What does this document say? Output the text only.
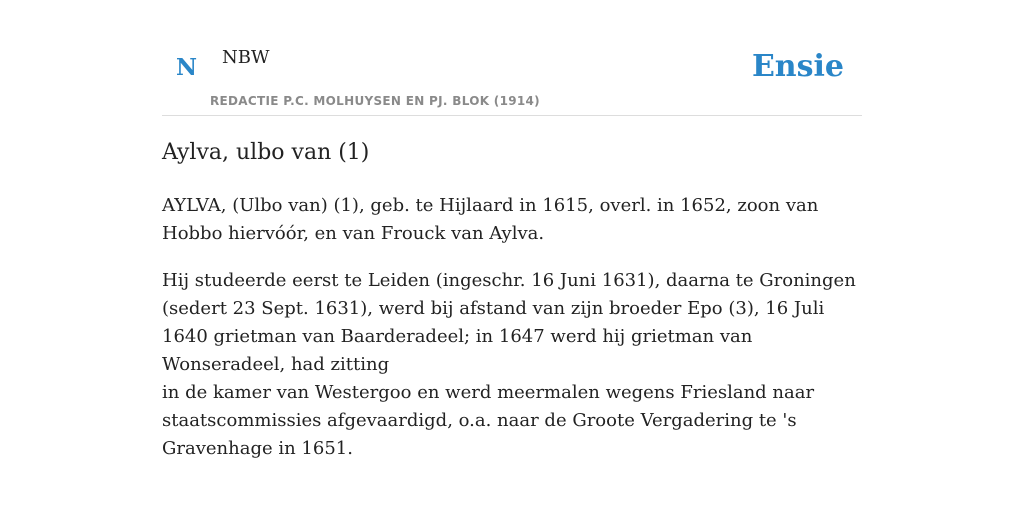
N NBW
REDACTIE P.C. MOLHUYSEN EN PJ. BLOK (1914)
Ensie
Aylva, ulbo van (1)

AYLVA, (Ulbo van) (1), geb. te Hijlaard in 1615, overl. in 1652, zoon van Hobbo hiervóór, en van Frouck van Aylva.

Hij studeerde eerst te Leiden (ingeschr. 16 Juni 1631), daarna te Groningen (sedert 23 Sept. 1631), werd bij afstand van zijn broeder Epo (3), 16 Juli 1640 grietman van Baarderadeel; in 1647 werd hij grietman van Wonseradeel, had zitting

in de kamer van Westergoo en werd meermalen wegens Friesland naar staatscommissies afgevaardigd, o.a. naar de Groote Vergadering te 's Gravenhage in 1651.
